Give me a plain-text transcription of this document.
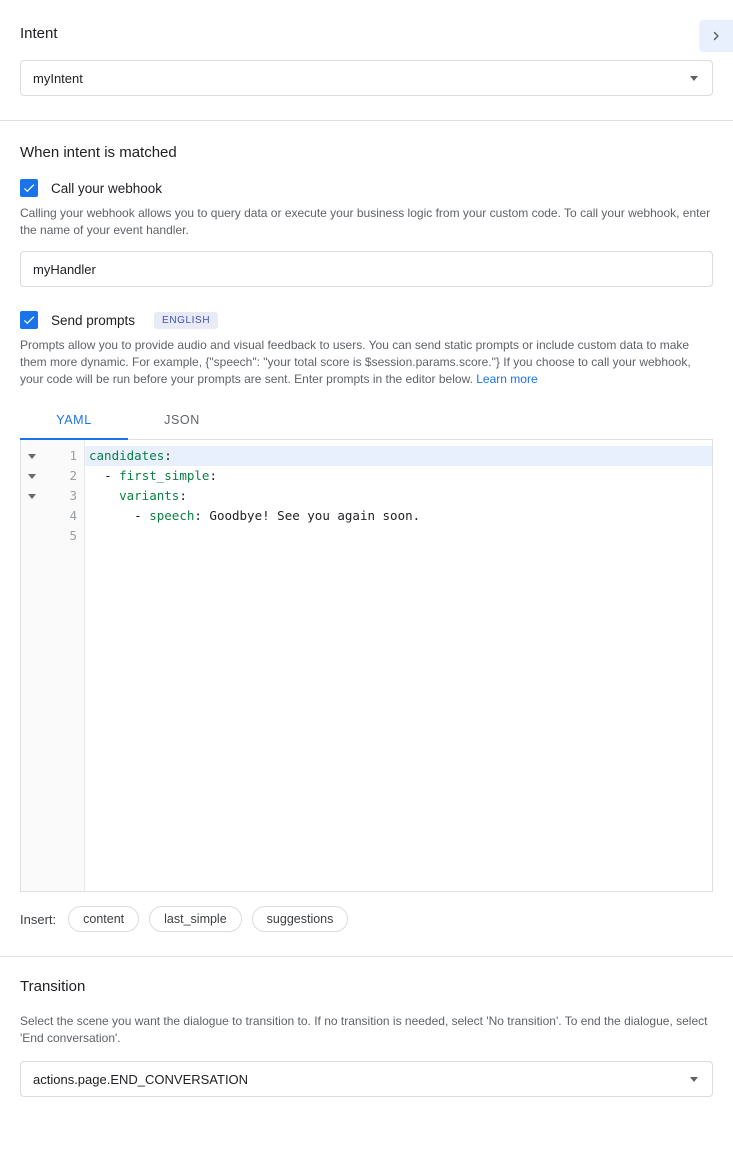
Intent
myIntent
When intent is matched
Call your webhook
Calling your webhook allows you to query data or execute your business logic from your custom code. To call your webhook, enter the name of your event handler.
myHandler
Send prompts	ENGLISH
Prompts allow you to provide audio and visual feedback to users. You can send static prompts or include custom data to make them more dynamic. For example, {"speech": "your total score is $session.params.score."} If you choose to call your webhook, your code will be run before your prompts are sent. Enter prompts in the editor below. Learn more
YAML	JSON
1
2
3
4
5
candidates:
- first_simple:
variants:
- speech: Goodbye! See you again soon.
Insert:	content	last_simple	suggestions
Transition
Select the scene you want the dialogue to transition to. If no transition is needed, select 'No transition'. To end the dialogue, select 'End conversation'.
actions.page.END_CONVERSATION
